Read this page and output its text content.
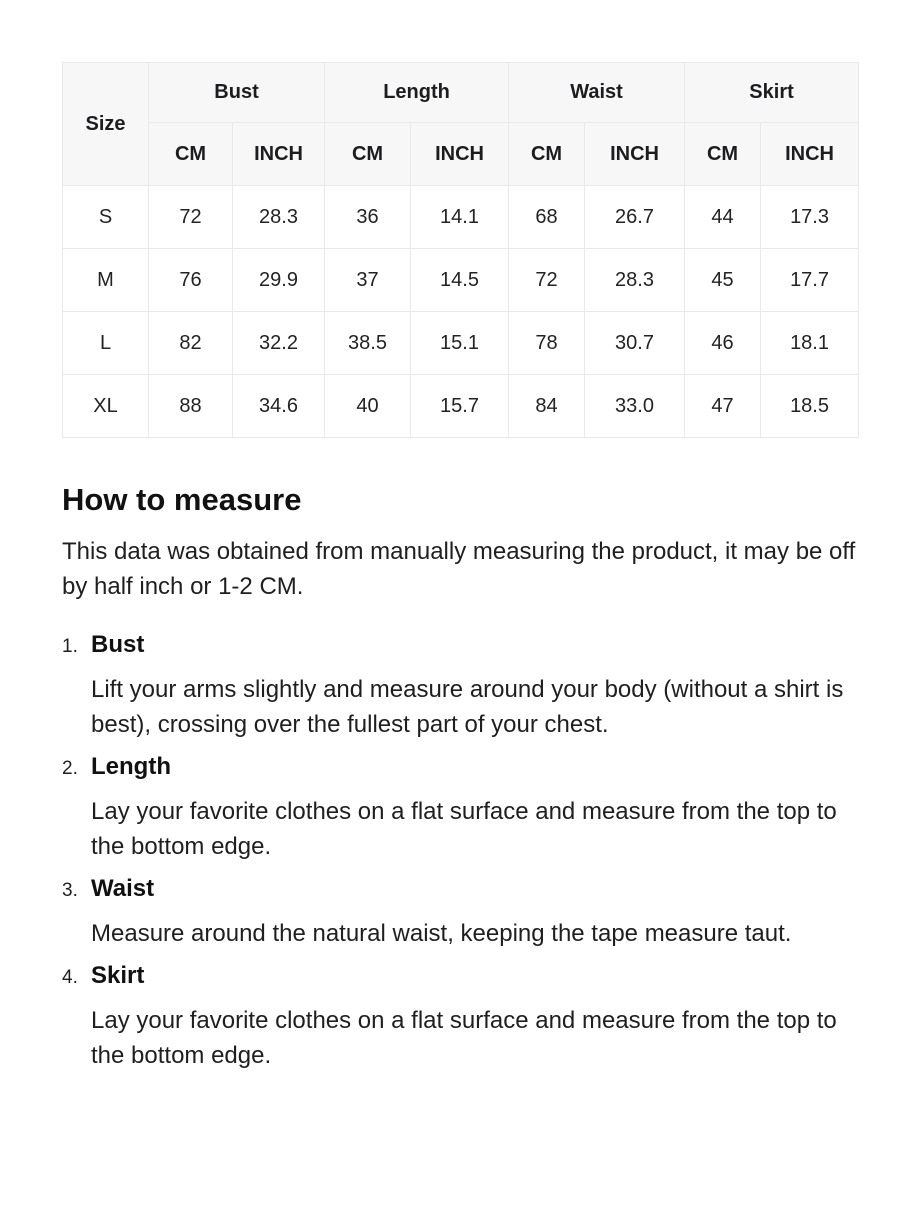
Size	Bust		Length		Waist		Skirt	
	CM	INCH	CM	INCH	CM	INCH	CM	INCH
S	72	28.3	36	14.1	68	26.7	44	17.3
M	76	29.9	37	14.5	72	28.3	45	17.7
L	82	32.2	38.5	15.1	78	30.7	46	18.1
XL	88	34.6	40	15.7	84	33.0	47	18.5
How to measure

This data was obtained from manually measuring the product, it may be off by half inch or 1-2 CM.

1. Bust

Lift your arms slightly and measure around your body (without a shirt is best), crossing over the fullest part of your chest.

2. Length

Lay your favorite clothes on a flat surface and measure from the top to the bottom edge.

3. Waist

Measure around the natural waist, keeping the tape measure taut.

4. Skirt

Lay your favorite clothes on a flat surface and measure from the top to the bottom edge.
